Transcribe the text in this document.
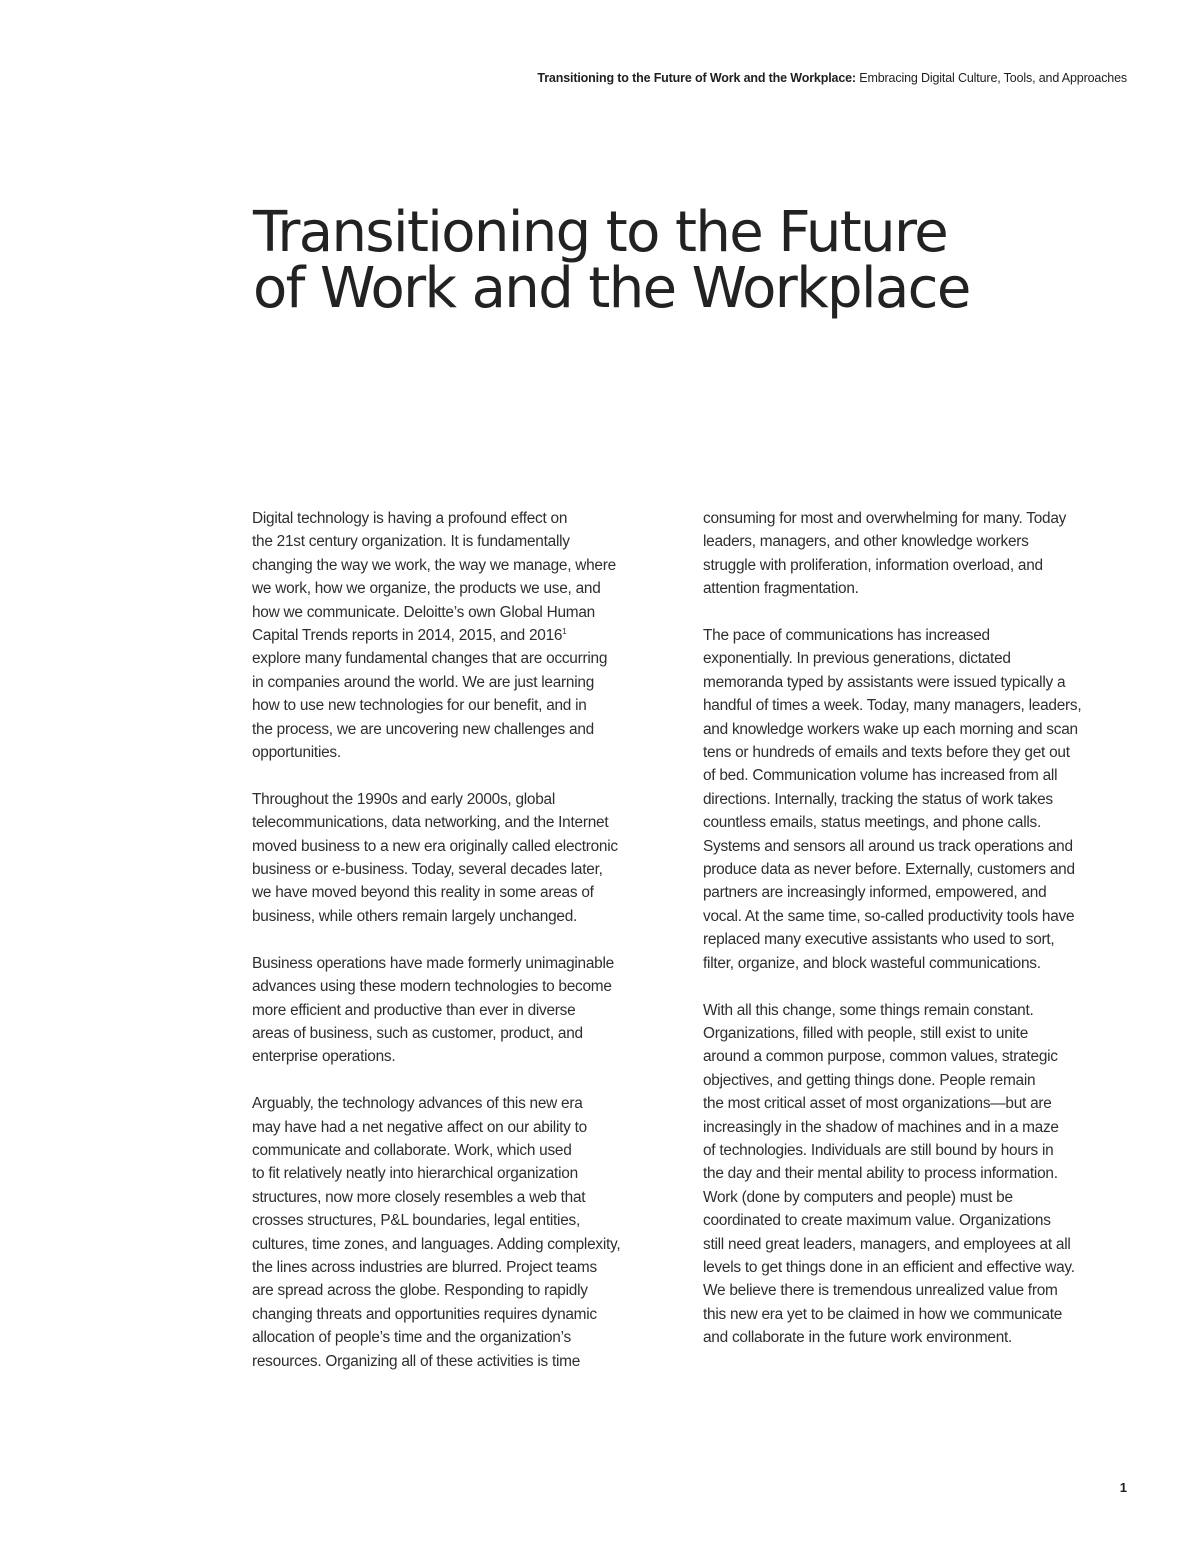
Transitioning to the Future of Work and the Workplace: Embracing Digital Culture, Tools, and Approaches
Transitioning to the Future
of Work and the Workplace

Digital technology is having a profound effect on
the 21st century organization. It is fundamentally
changing the way we work, the way we manage, where
we work, how we organize, the products we use, and
how we communicate. Deloitte’s own Global Human
Capital Trends reports in 2014, 2015, and 2016$^1$
explore many fundamental changes that are occurring
in companies around the world. We are just learning
how to use new technologies for our benefit, and in
the process, we are uncovering new challenges and
opportunities.

Throughout the 1990s and early 2000s, global
telecommunications, data networking, and the Internet
moved business to a new era originally called electronic
business or e-business. Today, several decades later,
we have moved beyond this reality in some areas of
business, while others remain largely unchanged.

Business operations have made formerly unimaginable
advances using these modern technologies to become
more efficient and productive than ever in diverse
areas of business, such as customer, product, and
enterprise operations.

Arguably, the technology advances of this new era
may have had a net negative affect on our ability to
communicate and collaborate. Work, which used
to fit relatively neatly into hierarchical organization
structures, now more closely resembles a web that
crosses structures, P&L boundaries, legal entities,
cultures, time zones, and languages. Adding complexity,
the lines across industries are blurred. Project teams
are spread across the globe. Responding to rapidly
changing threats and opportunities requires dynamic
allocation of people’s time and the organization’s
resources. Organizing all of these activities is time

consuming for most and overwhelming for many. Today
leaders, managers, and other knowledge workers
struggle with proliferation, information overload, and
attention fragmentation.

The pace of communications has increased
exponentially. In previous generations, dictated
memoranda typed by assistants were issued typically a
handful of times a week. Today, many managers, leaders,
and knowledge workers wake up each morning and scan
tens or hundreds of emails and texts before they get out
of bed. Communication volume has increased from all
directions. Internally, tracking the status of work takes
countless emails, status meetings, and phone calls.
Systems and sensors all around us track operations and
produce data as never before. Externally, customers and
partners are increasingly informed, empowered, and
vocal. At the same time, so-called productivity tools have
replaced many executive assistants who used to sort,
filter, organize, and block wasteful communications.

With all this change, some things remain constant.
Organizations, filled with people, still exist to unite
around a common purpose, common values, strategic
objectives, and getting things done. People remain
the most critical asset of most organizations—but are
increasingly in the shadow of machines and in a maze
of technologies. Individuals are still bound by hours in
the day and their mental ability to process information.
Work (done by computers and people) must be
coordinated to create maximum value. Organizations
still need great leaders, managers, and employees at all
levels to get things done in an efficient and effective way.
We believe there is tremendous unrealized value from
this new era yet to be claimed in how we communicate
and collaborate in the future work environment.

1
